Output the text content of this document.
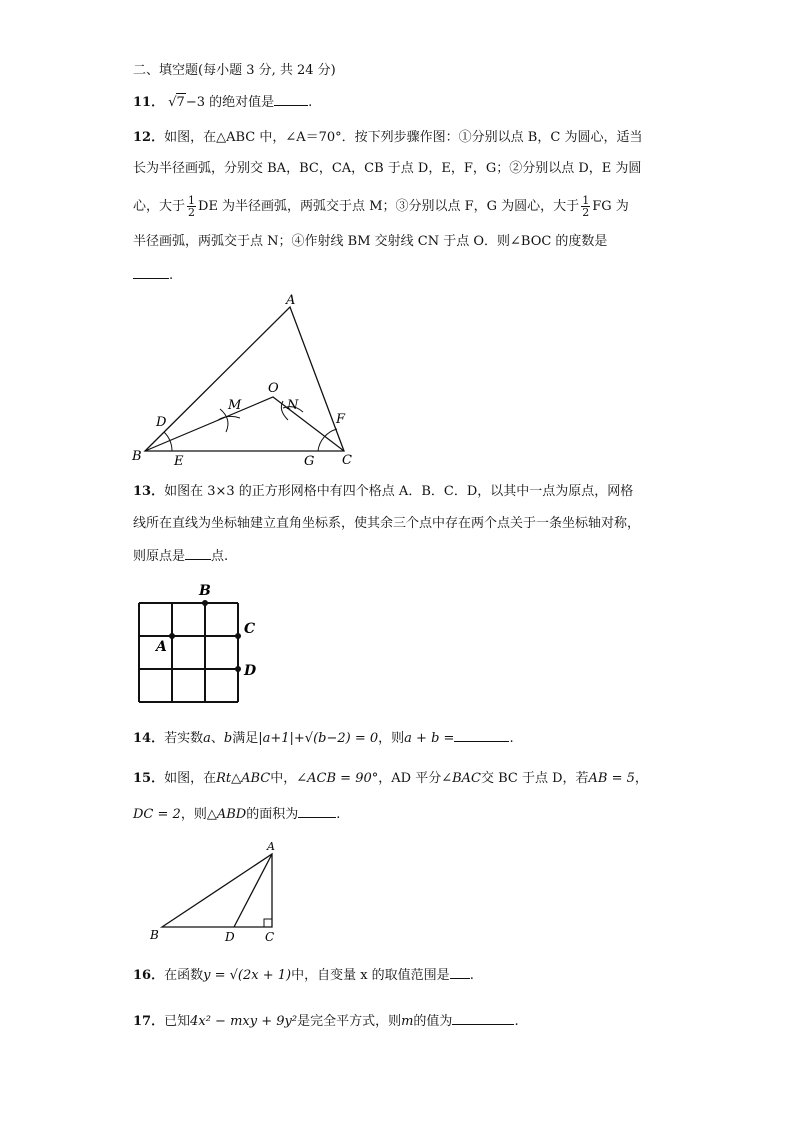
二、填空题(每小题 3 分, 共 24 分)
11． √7−3 的绝对值是	.
12．如图，在△ABC 中，∠A＝70°．按下列步骤作图：①分别以点 B，C 为圆心，适当
长为半径画弧，分别交 BA，BC，CA，CB 于点 D，E，F，G；②分别以点 D，E 为圆
心，大于 $\frac{1}{2}$ DE 为半径画弧，两弧交于点 M；③分别以点 F，G 为圆心，大于 $\frac{1}{2}$ FG 为
半径画弧，两弧交于点 N；④作射线 BM 交射线 CN 于点 O．则∠BOC 的度数是
.
A
B	C
D
E
F
G
M	N
O
13．如图在 3×3 的正方形网格中有四个格点 A．B．C．D，以其中一点为原点，网格
线所在直线为坐标轴建立直角坐标系，使其余三个点中存在两个点关于一条坐标轴对称，
则原点是 点.
A
B
C
D
14．若实数a、b满足|a+1|+√(b−2) = 0，则a + b =	.
15．如图，在Rt△ABC中，∠ACB = 90°，AD 平分∠BAC交 BC 于点 D，若AB = 5，
DC = 2，则△ABD的面积为	.
A
B	D	C
16．在函数y = √(2x + 1)中，自变量 x 的取值范围是 .
17．已知4x² − mxy + 9y²是完全平方式，则m的值为	.
